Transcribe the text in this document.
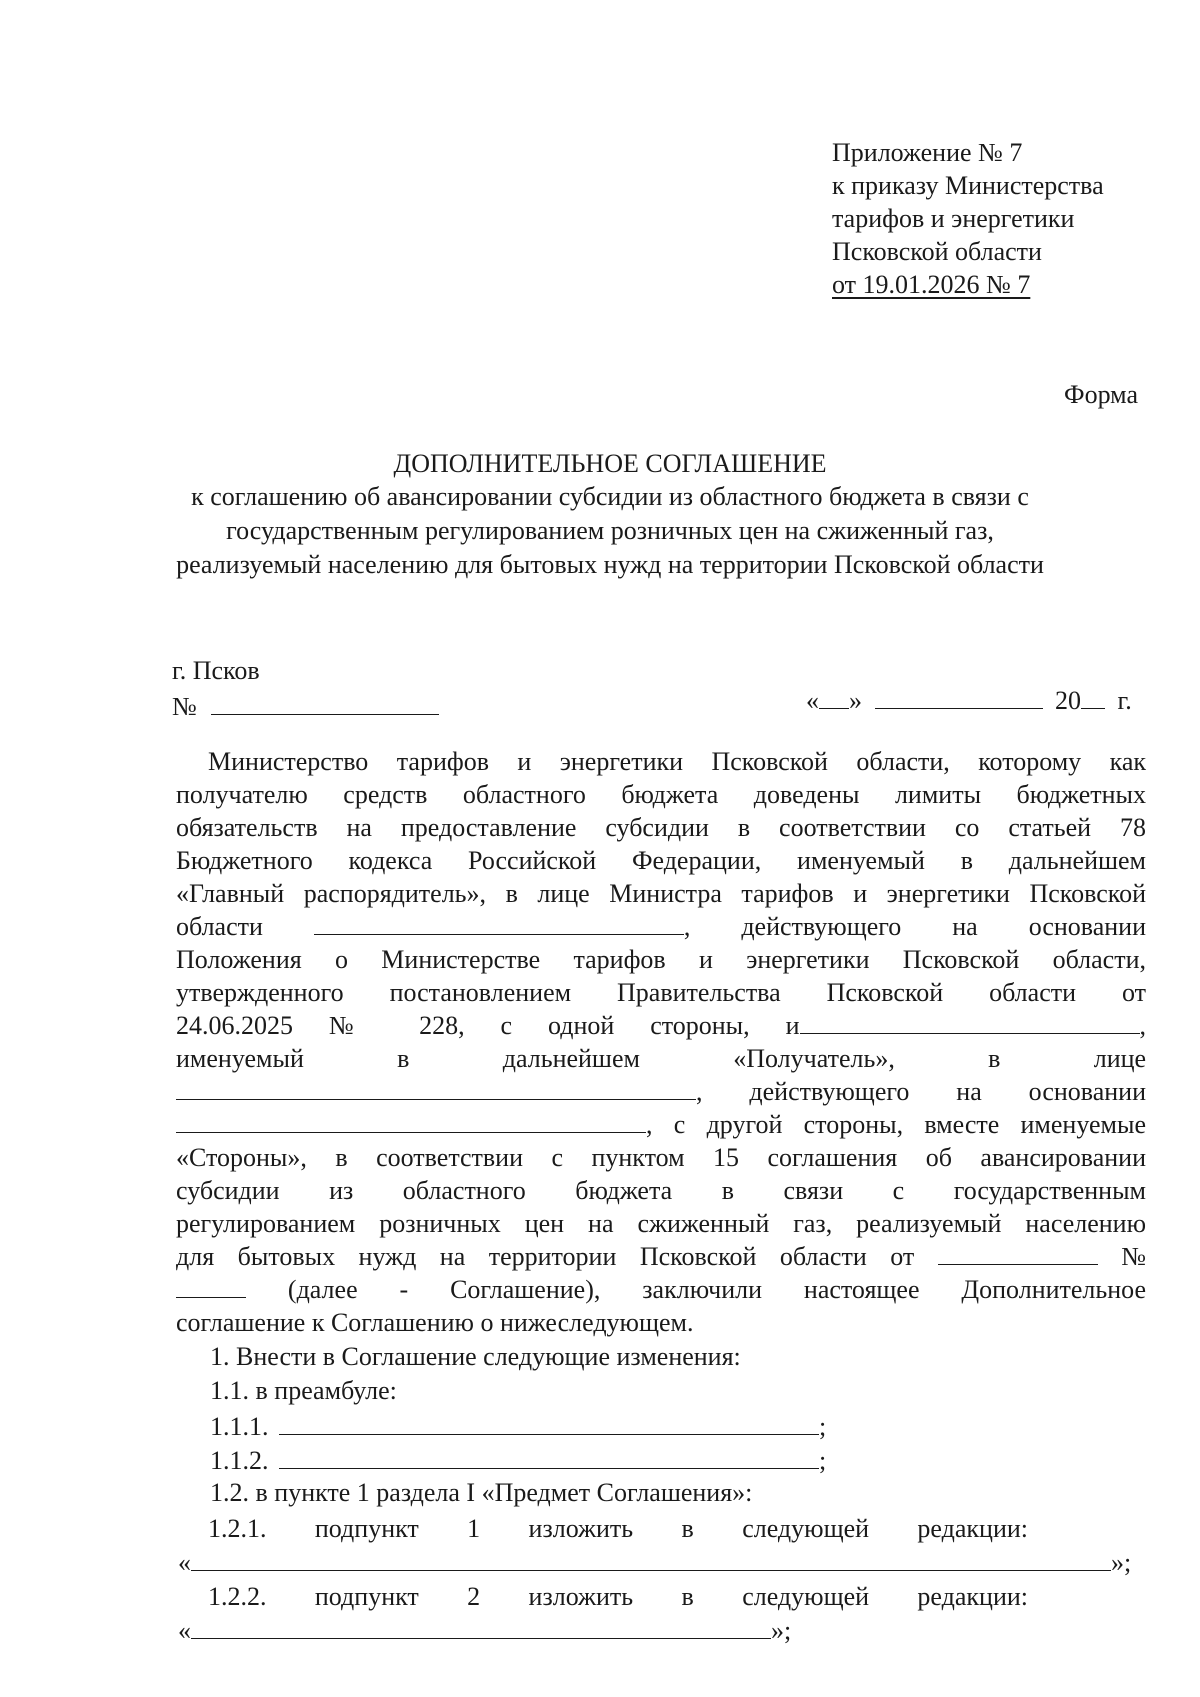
Приложение № 7
к приказу Министерства
тарифов и энергетики
Псковской области
от 19.01.2026 № 7
Форма
ДОПОЛНИТЕЛЬНОЕ СОГЛАШЕНИЕ
к соглашению об авансировании субсидии из областного бюджета в связи с
государственным регулированием розничных цен на сжиженный газ,
реализуемый населению для бытовых нужд на территории Псковской области
г. Псков
№	« »	20 г.
Министерство тарифов и энергетики Псковской области, которому как
получателю средств областного бюджета доведены лимиты бюджетных
обязательств на предоставление субсидии в соответствии со статьей 78
Бюджетного кодекса Российской Федерации, именуемый в дальнейшем
«Главный распорядитель», в лице Министра тарифов и энергетики Псковской
области	, действующего на основании
Положения о Министерстве тарифов и энергетики Псковской области,
утвержденного постановлением Правительства Псковской области от
24.06.2025 № 228, с одной стороны, и	,
именуемый	в	дальнейшем	«Получатель»,	в	лице
, действующего на основании
, с другой стороны, вместе именуемые
«Стороны», в соответствии с пунктом 15 соглашения об авансировании
субсидии из областного бюджета в связи с государственным
регулированием розничных цен на сжиженный газ, реализуемый населению
для бытовых нужд на территории Псковской области от	№
(далее - Соглашение), заключили настоящее Дополнительное
соглашение к Соглашению о нижеследующем.
1. Внести в Соглашение следующие изменения:
1.1. в преамбуле:
1.1.1.	;
1.1.2.	;
1.2. в пункте 1 раздела I «Предмет Соглашения»:
1.2.1. подпункт 1 изложить в следующей редакции:
«	»;
1.2.2. подпункт 2 изложить в следующей редакции:
«	»;
